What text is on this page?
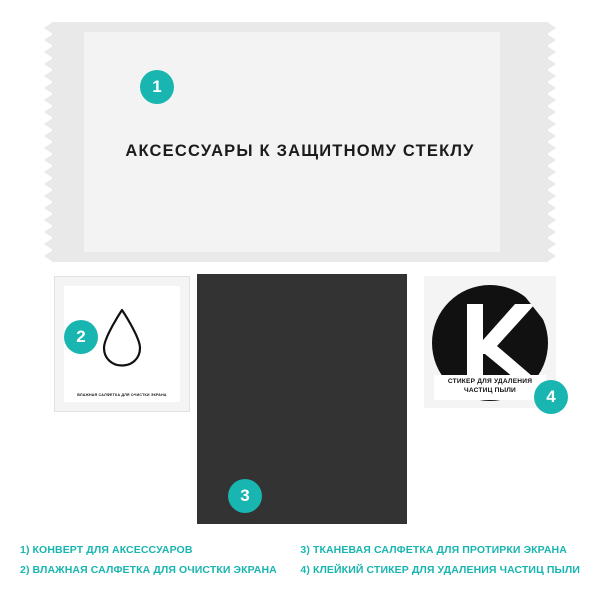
АКСЕССУАРЫ К ЗАЩИТНОМУ СТЕКЛУ
1
ВЛАЖНАЯ САЛФЕТКА ДЛЯ ОЧИСТКИ ЭКРАНА
2
3
СТИКЕР ДЛЯ УДАЛЕНИЯ
ЧАСТИЦ ПЫЛИ	4
1) КОНВЕРТ ДЛЯ АКСЕССУАРОВ
2) ВЛАЖНАЯ САЛФЕТКА ДЛЯ ОЧИСТКИ ЭКРАНА
3) ТКАНЕВАЯ САЛФЕТКА ДЛЯ ПРОТИРКИ ЭКРАНА
4) КЛЕЙКИЙ СТИКЕР ДЛЯ УДАЛЕНИЯ ЧАСТИЦ ПЫЛИ
